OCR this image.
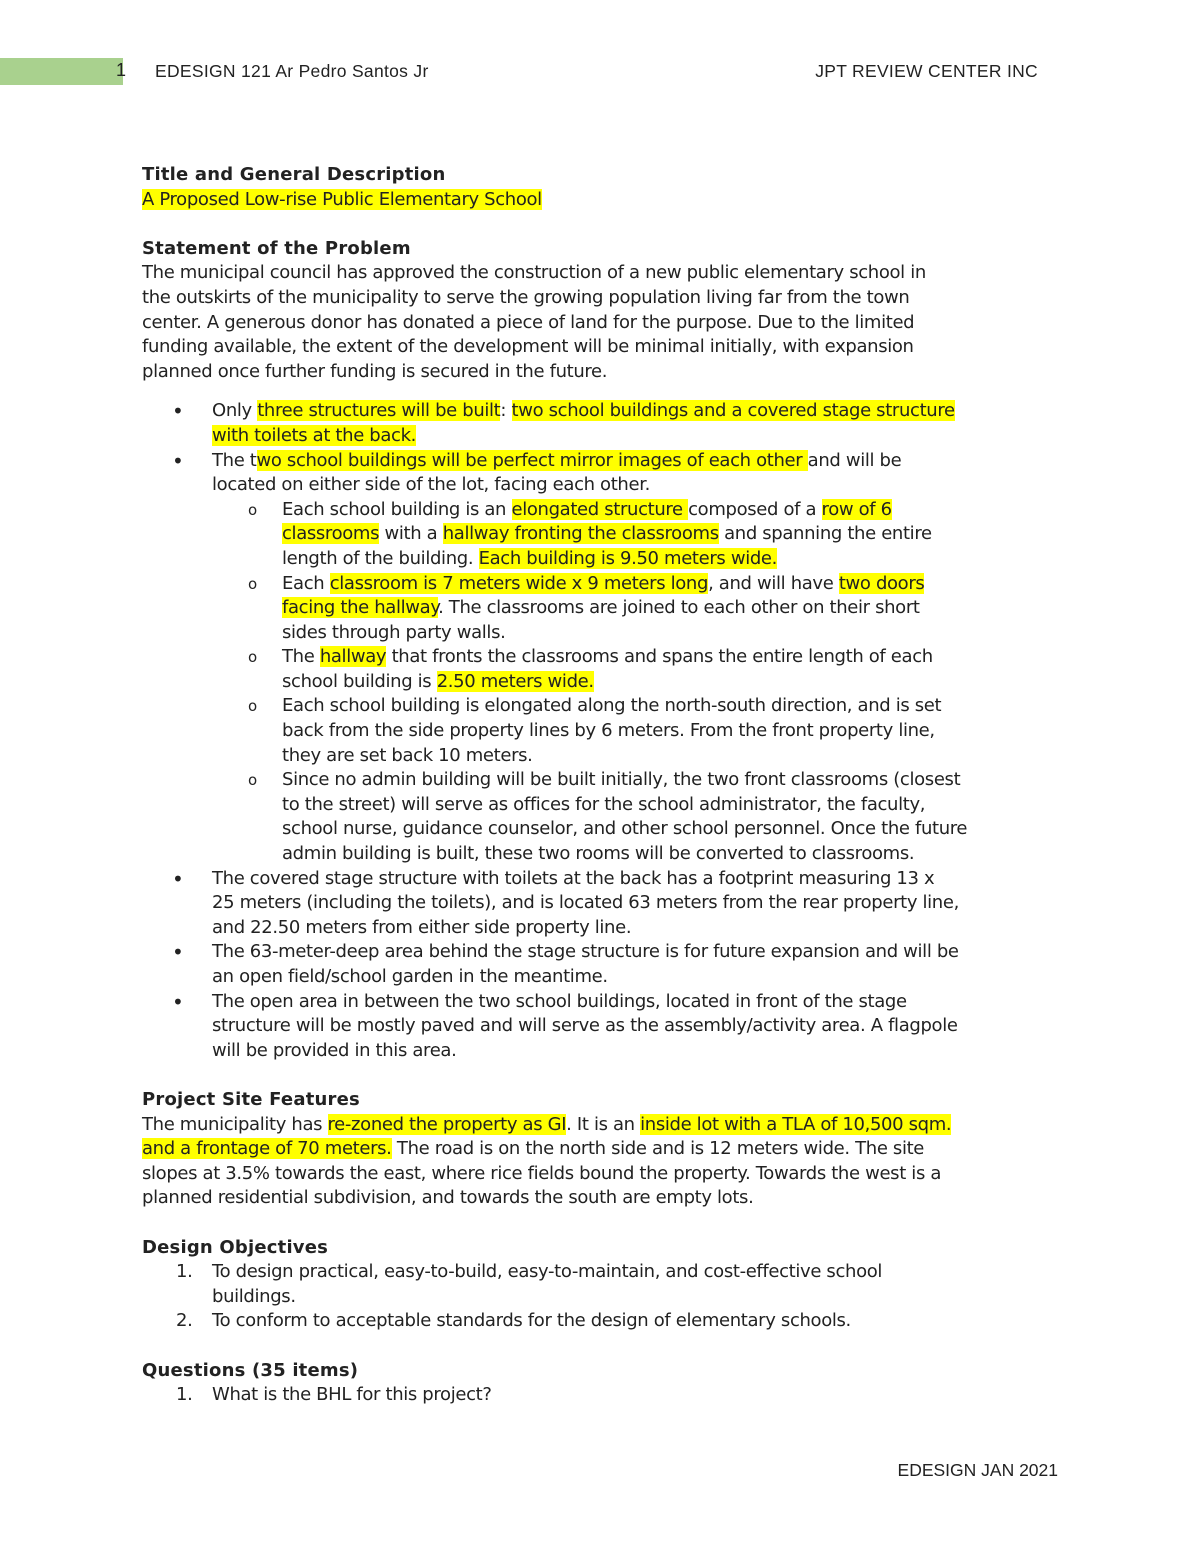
1 EDESIGN 121 Ar Pedro Santos Jr	JPT REVIEW CENTER INC
Title and General Description
A Proposed Low-rise Public Elementary School
Statement of the Problem
The municipal council has approved the construction of a new public elementary school in
the outskirts of the municipality to serve the growing population living far from the town
center. A generous donor has donated a piece of land for the purpose. Due to the limited
funding available, the extent of the development will be minimal initially, with expansion
planned once further funding is secured in the future.
• Only three structures will be built: two school buildings and a covered stage structure
with toilets at the back.
• The two school buildings will be perfect mirror images of each other and will be
located on either side of the lot, facing each other.
o Each school building is an elongated structure composed of a row of 6
classrooms with a hallway fronting the classrooms and spanning the entire
length of the building. Each building is 9.50 meters wide.
o Each classroom is 7 meters wide x 9 meters long, and will have two doors
facing the hallway. The classrooms are joined to each other on their short
sides through party walls.
o The hallway that fronts the classrooms and spans the entire length of each
school building is 2.50 meters wide.
o Each school building is elongated along the north-south direction, and is set
back from the side property lines by 6 meters. From the front property line,
they are set back 10 meters.
o Since no admin building will be built initially, the two front classrooms (closest
to the street) will serve as offices for the school administrator, the faculty,
school nurse, guidance counselor, and other school personnel. Once the future
admin building is built, these two rooms will be converted to classrooms.
• The covered stage structure with toilets at the back has a footprint measuring 13 x
25 meters (including the toilets), and is located 63 meters from the rear property line,
and 22.50 meters from either side property line.
• The 63-meter-deep area behind the stage structure is for future expansion and will be
an open field/school garden in the meantime.
• The open area in between the two school buildings, located in front of the stage
structure will be mostly paved and will serve as the assembly/activity area. A flagpole
will be provided in this area.
Project Site Features
The municipality has re-zoned the property as GI. It is an inside lot with a TLA of 10,500 sqm.
and a frontage of 70 meters. The road is on the north side and is 12 meters wide. The site
slopes at 3.5% towards the east, where rice fields bound the property. Towards the west is a
planned residential subdivision, and towards the south are empty lots.
Design Objectives
1. To design practical, easy-to-build, easy-to-maintain, and cost-effective school
buildings.
2. To conform to acceptable standards for the design of elementary schools.
Questions (35 items)
1. What is the BHL for this project?
EDESIGN JAN 2021
